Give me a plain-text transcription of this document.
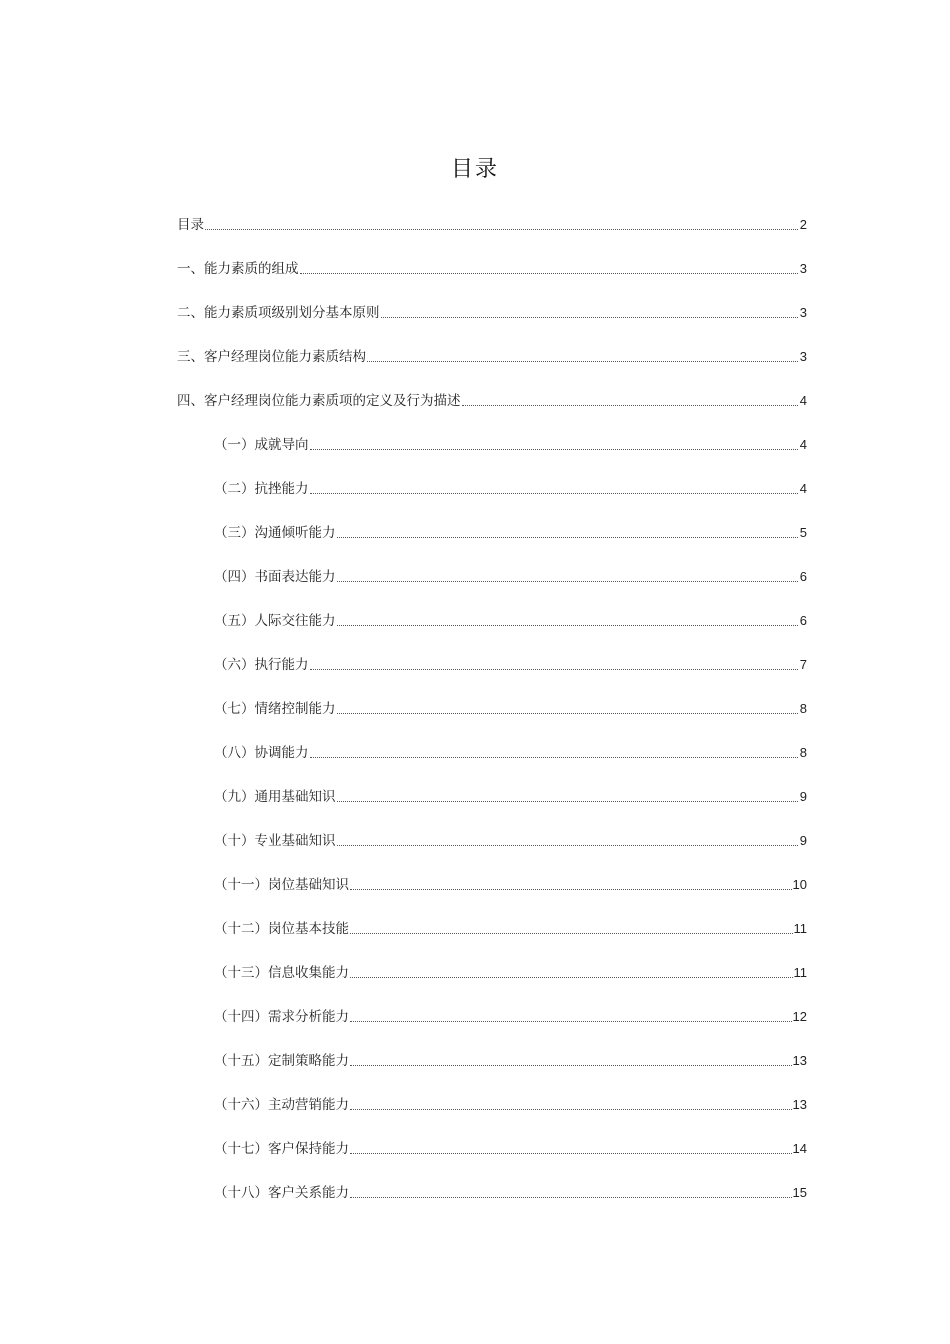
目录
目录	2
一、能力素质的组成	3
二、能力素质项级别划分基本原则	3
三、客户经理岗位能力素质结构	3
四、客户经理岗位能力素质项的定义及行为描述	4
（一）成就导向	4
（二）抗挫能力	4
（三）沟通倾听能力	5
（四）书面表达能力	6
（五）人际交往能力	6
（六）执行能力	7
（七）情绪控制能力	8
（八）协调能力	8
（九）通用基础知识	9
（十）专业基础知识	9
（十一）岗位基础知识	10
（十二）岗位基本技能	11
（十三）信息收集能力	11
（十四）需求分析能力	12
（十五）定制策略能力	13
（十六）主动营销能力	13
（十七）客户保持能力	14
（十八）客户关系能力	15
